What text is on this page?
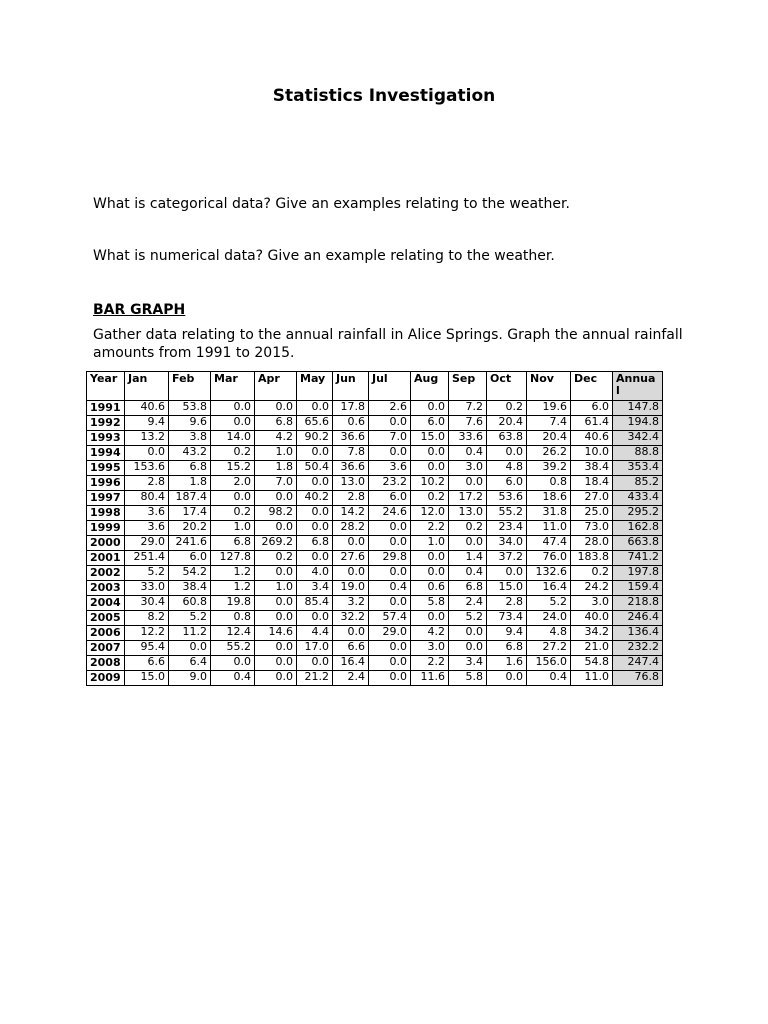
Statistics Investigation
What is categorical data? Give an examples relating to the weather.
What is numerical data? Give an example relating to the weather.
BAR GRAPH
Gather data relating to the annual rainfall in Alice Springs. Graph the annual rainfall amounts from 1991 to 2015.
Year	Jan	Feb	Mar	Apr	May	Jun	Jul	Aug	Sep	Oct	Nov	Dec	Annual
1991	40.6	53.8	0.0	0.0	0.0	17.8	2.6	0.0	7.2	0.2	19.6	6.0	147.8
1992	9.4	9.6	0.0	6.8	65.6	0.6	0.0	6.0	7.6	20.4	7.4	61.4	194.8
1993	13.2	3.8	14.0	4.2	90.2	36.6	7.0	15.0	33.6	63.8	20.4	40.6	342.4
1994	0.0	43.2	0.2	1.0	0.0	7.8	0.0	0.0	0.4	0.0	26.2	10.0	88.8
1995	153.6	6.8	15.2	1.8	50.4	36.6	3.6	0.0	3.0	4.8	39.2	38.4	353.4
1996	2.8	1.8	2.0	7.0	0.0	13.0	23.2	10.2	0.0	6.0	0.8	18.4	85.2
1997	80.4	187.4	0.0	0.0	40.2	2.8	6.0	0.2	17.2	53.6	18.6	27.0	433.4
1998	3.6	17.4	0.2	98.2	0.0	14.2	24.6	12.0	13.0	55.2	31.8	25.0	295.2
1999	3.6	20.2	1.0	0.0	0.0	28.2	0.0	2.2	0.2	23.4	11.0	73.0	162.8
2000	29.0	241.6	6.8	269.2	6.8	0.0	0.0	1.0	0.0	34.0	47.4	28.0	663.8
2001	251.4	6.0	127.8	0.2	0.0	27.6	29.8	0.0	1.4	37.2	76.0	183.8	741.2
2002	5.2	54.2	1.2	0.0	4.0	0.0	0.0	0.0	0.4	0.0	132.6	0.2	197.8
2003	33.0	38.4	1.2	1.0	3.4	19.0	0.4	0.6	6.8	15.0	16.4	24.2	159.4
2004	30.4	60.8	19.8	0.0	85.4	3.2	0.0	5.8	2.4	2.8	5.2	3.0	218.8
2005	8.2	5.2	0.8	0.0	0.0	32.2	57.4	0.0	5.2	73.4	24.0	40.0	246.4
2006	12.2	11.2	12.4	14.6	4.4	0.0	29.0	4.2	0.0	9.4	4.8	34.2	136.4
2007	95.4	0.0	55.2	0.0	17.0	6.6	0.0	3.0	0.0	6.8	27.2	21.0	232.2
2008	6.6	6.4	0.0	0.0	0.0	16.4	0.0	2.2	3.4	1.6	156.0	54.8	247.4
2009	15.0	9.0	0.4	0.0	21.2	2.4	0.0	11.6	5.8	0.0	0.4	11.0	76.8
